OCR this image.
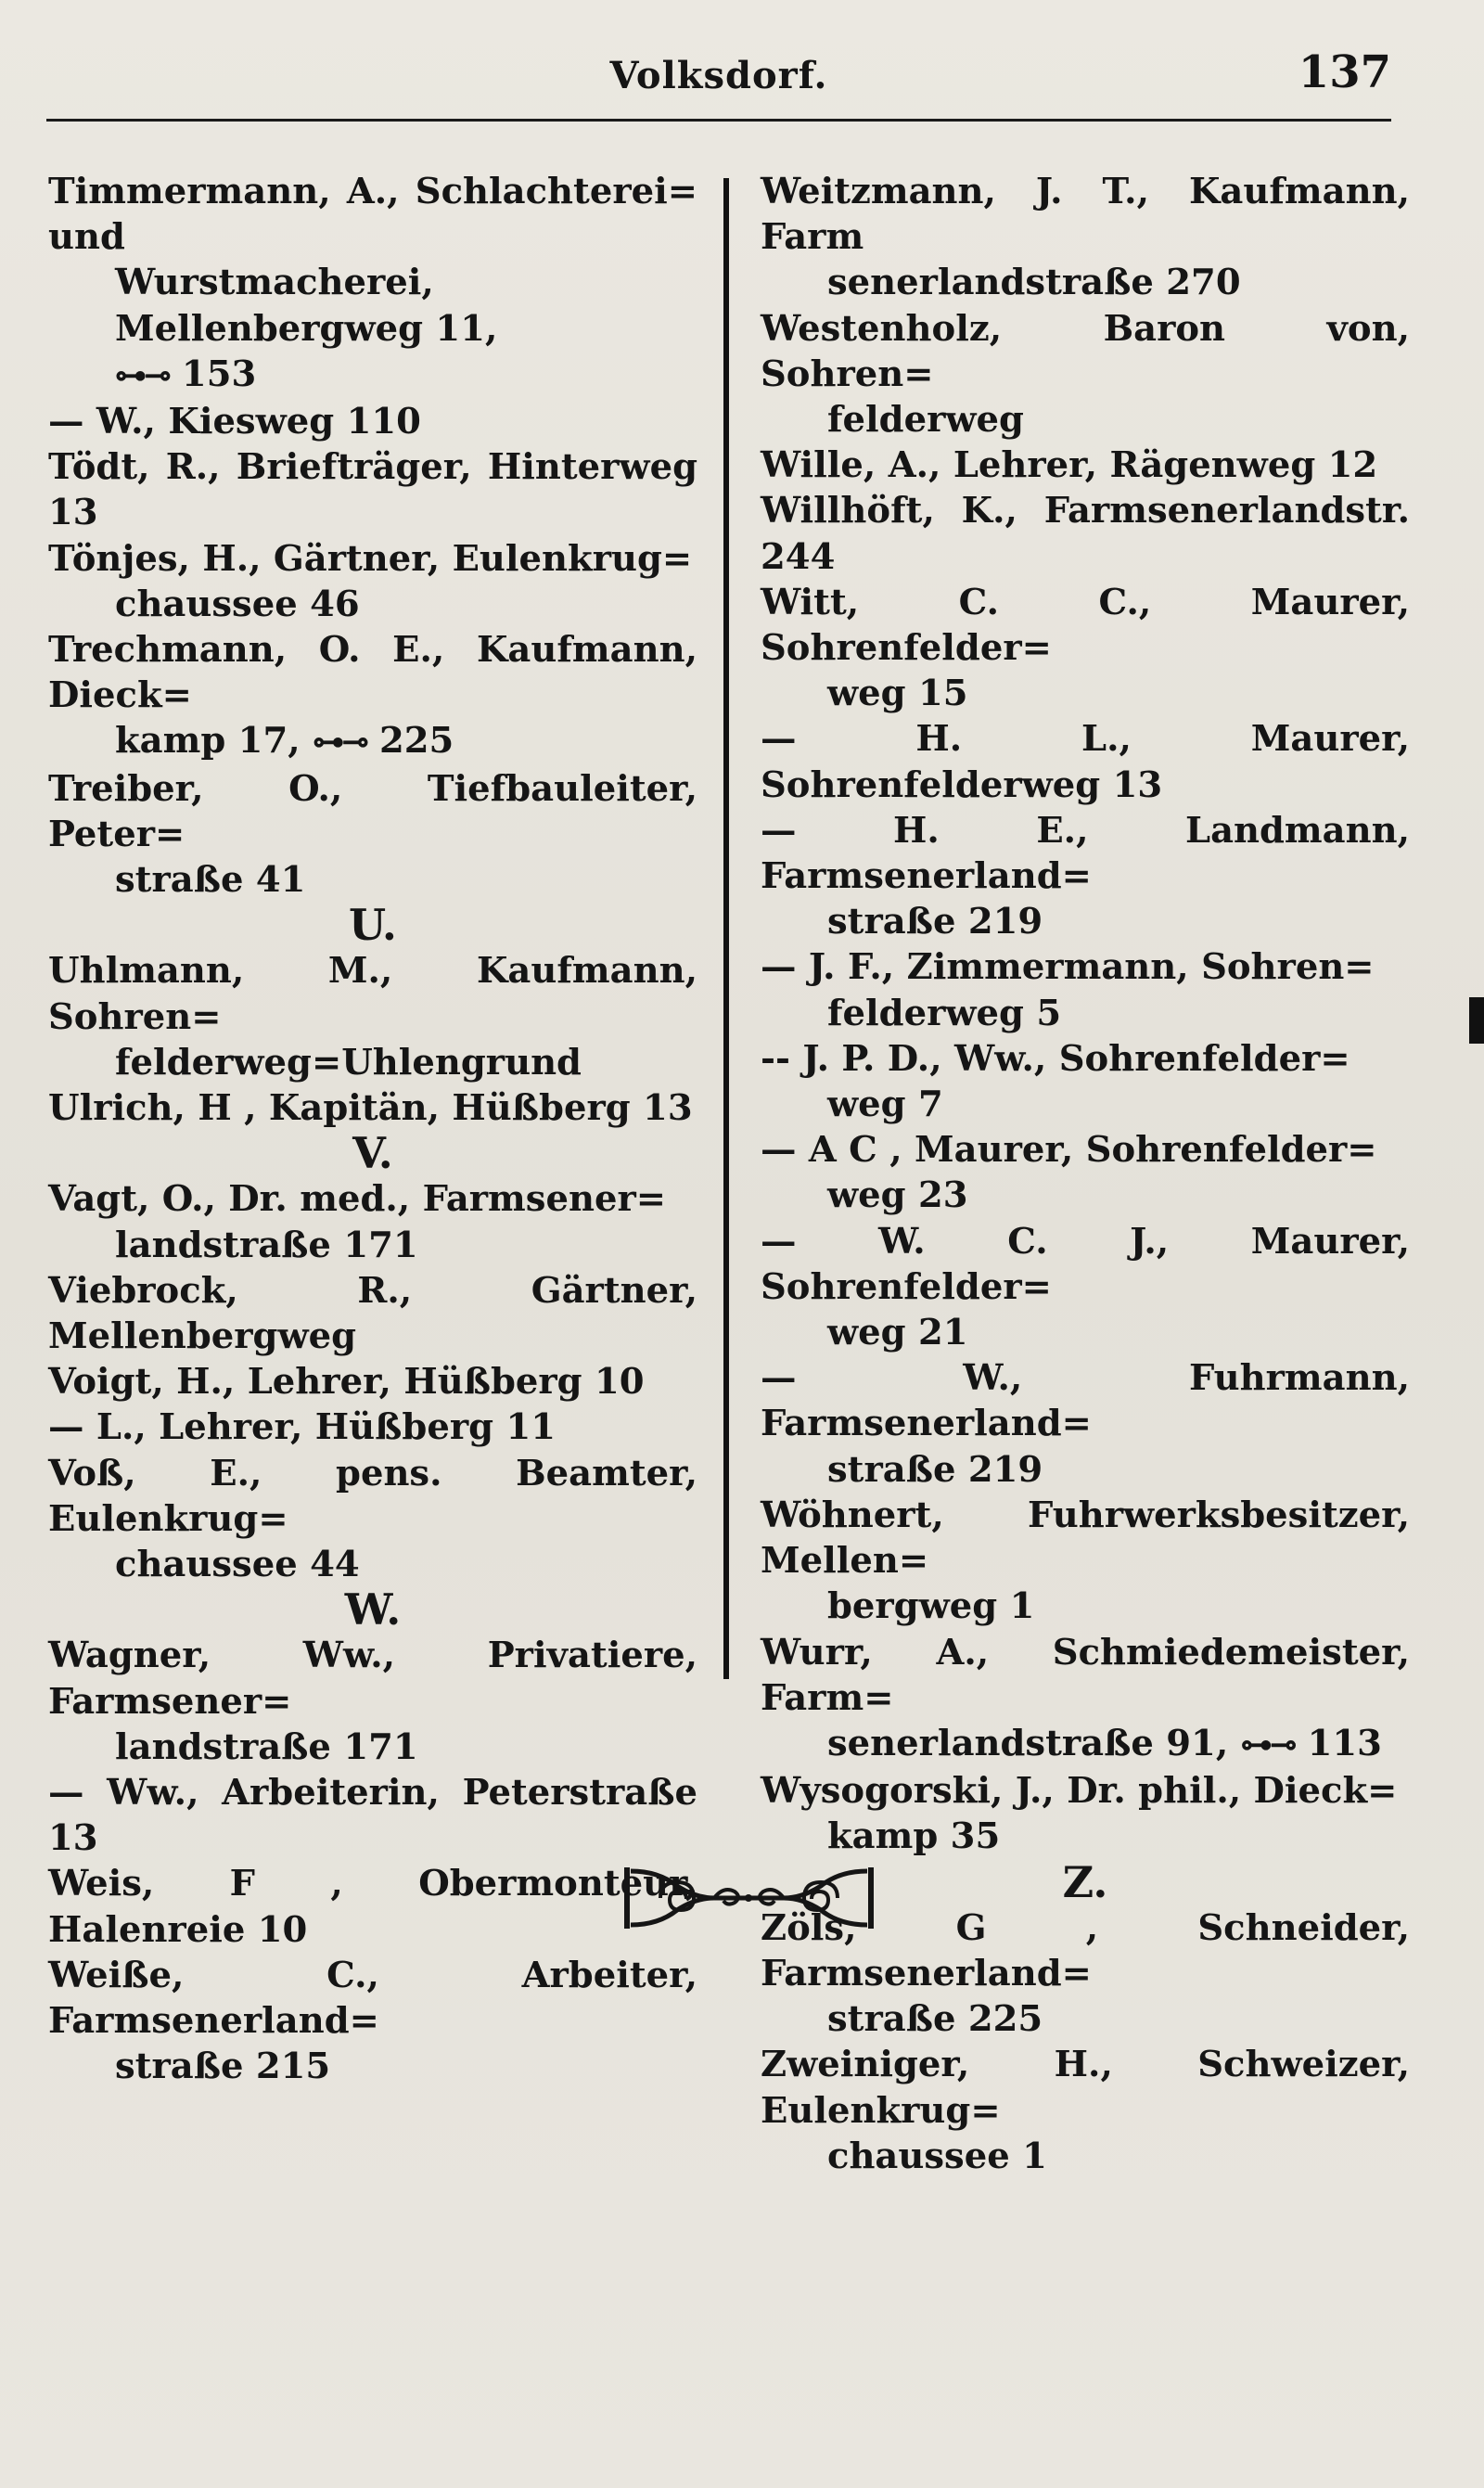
Volksdorf.	137
Timmermann, A., Schlachterei= und
Wurstmacherei, Mellenbergweg 11,
⊶⊸ 153
— W., Kiesweg 110
Tödt, R., Briefträger, Hinterweg 13
Tönjes, H., Gärtner, Eulenkrug=
chaussee 46
Trechmann, O. E., Kaufmann, Dieck=
kamp 17, ⊶⊸ 225
Treiber, O., Tiefbauleiter, Peter=
straße 41
U.
Uhlmann, M., Kaufmann, Sohren=
felderweg=Uhlengrund
Ulrich, H , Kapitän, Hüßberg 13
V.
Vagt, O., Dr. med., Farmsener=
landstraße 171
Viebrock, R., Gärtner, Mellenbergweg
Voigt, H., Lehrer, Hüßberg 10
— L., Lehrer, Hüßberg 11
Voß, E., pens. Beamter, Eulenkrug=
chaussee 44
W.
Wagner, Ww., Privatiere, Farmsener=
landstraße 171
— Ww., Arbeiterin, Peterstraße 13
Weis, F , Obermonteur, Halenreie 10
Weiße, C., Arbeiter, Farmsenerland=
straße 215
Weitzmann, J. T., Kaufmann, Farm
senerlandstraße 270
Westenholz, Baron von, Sohren=
felderweg
Wille, A., Lehrer, Rägenweg 12
Willhöft, K., Farmsenerlandstr. 244
Witt, C. C., Maurer, Sohrenfelder=
weg 15
— H. L., Maurer, Sohrenfelderweg 13
— H. E., Landmann, Farmsenerland=
straße 219
— J. F., Zimmermann, Sohren=
felderweg 5
-- J. P. D., Ww., Sohrenfelder=
weg 7
— A C , Maurer, Sohrenfelder=
weg 23
— W. C. J., Maurer, Sohrenfelder=
weg 21
— W., Fuhrmann, Farmsenerland=
straße 219
Wöhnert, Fuhrwerksbesitzer, Mellen=
bergweg 1
Wurr, A., Schmiedemeister, Farm=
senerlandstraße 91, ⊶⊸ 113
Wysogorski, J., Dr. phil., Dieck=
kamp 35
Z.
Zöls, G , Schneider, Farmsenerland=
straße 225
Zweiniger, H., Schweizer, Eulenkrug=
chaussee 1
